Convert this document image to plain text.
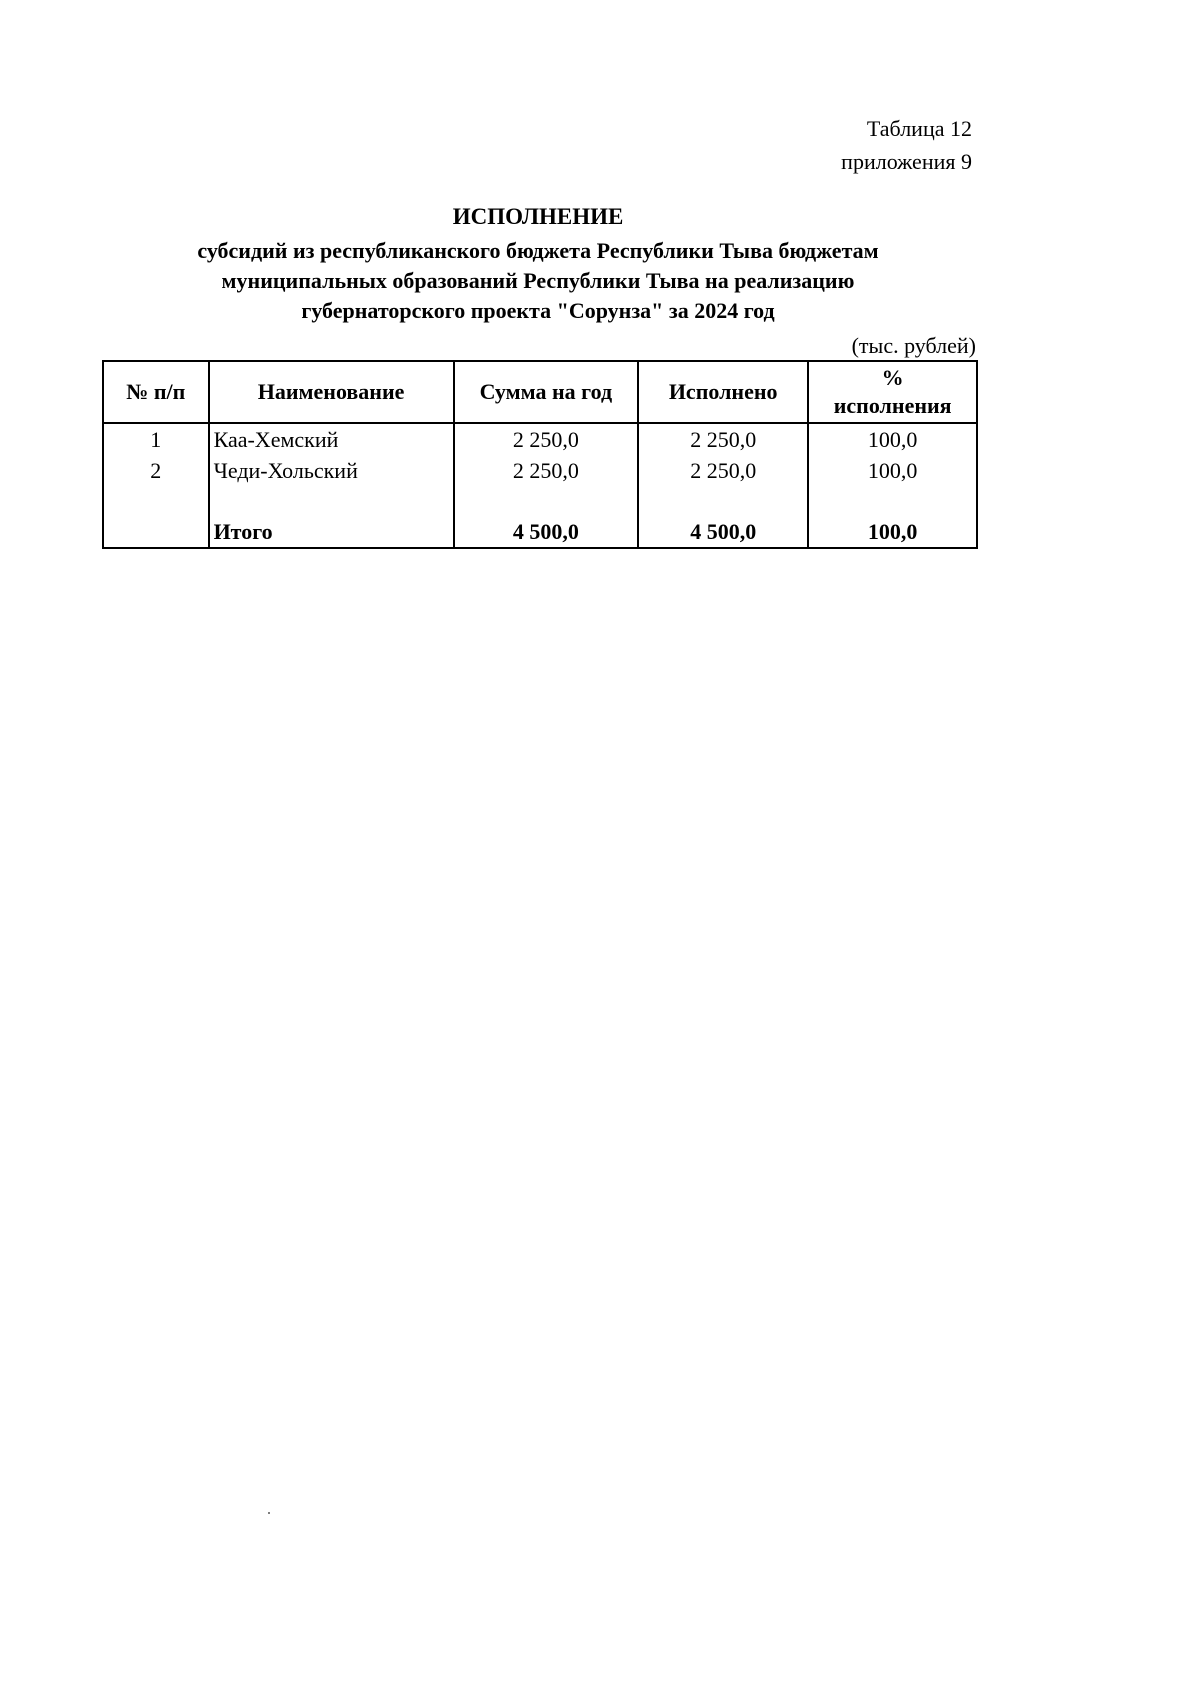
Таблица 12
приложения 9
ИСПОЛНЕНИЕ
субсидий из республиканского бюджета Республики Тыва бюджетам
муниципальных образований Республики Тыва на реализацию
губернаторского проекта "Сорунза" за 2024 год
(тыс. рублей)
№ п/п	Наименование	Сумма на год	Исполнено	%
исполнения

1	Каа-Хемский	2 250,0	2 250,0	100,0
2	Чеди-Хольский	2 250,0	2 250,0	100,0

	Итого	4 500,0	4 500,0	100,0
